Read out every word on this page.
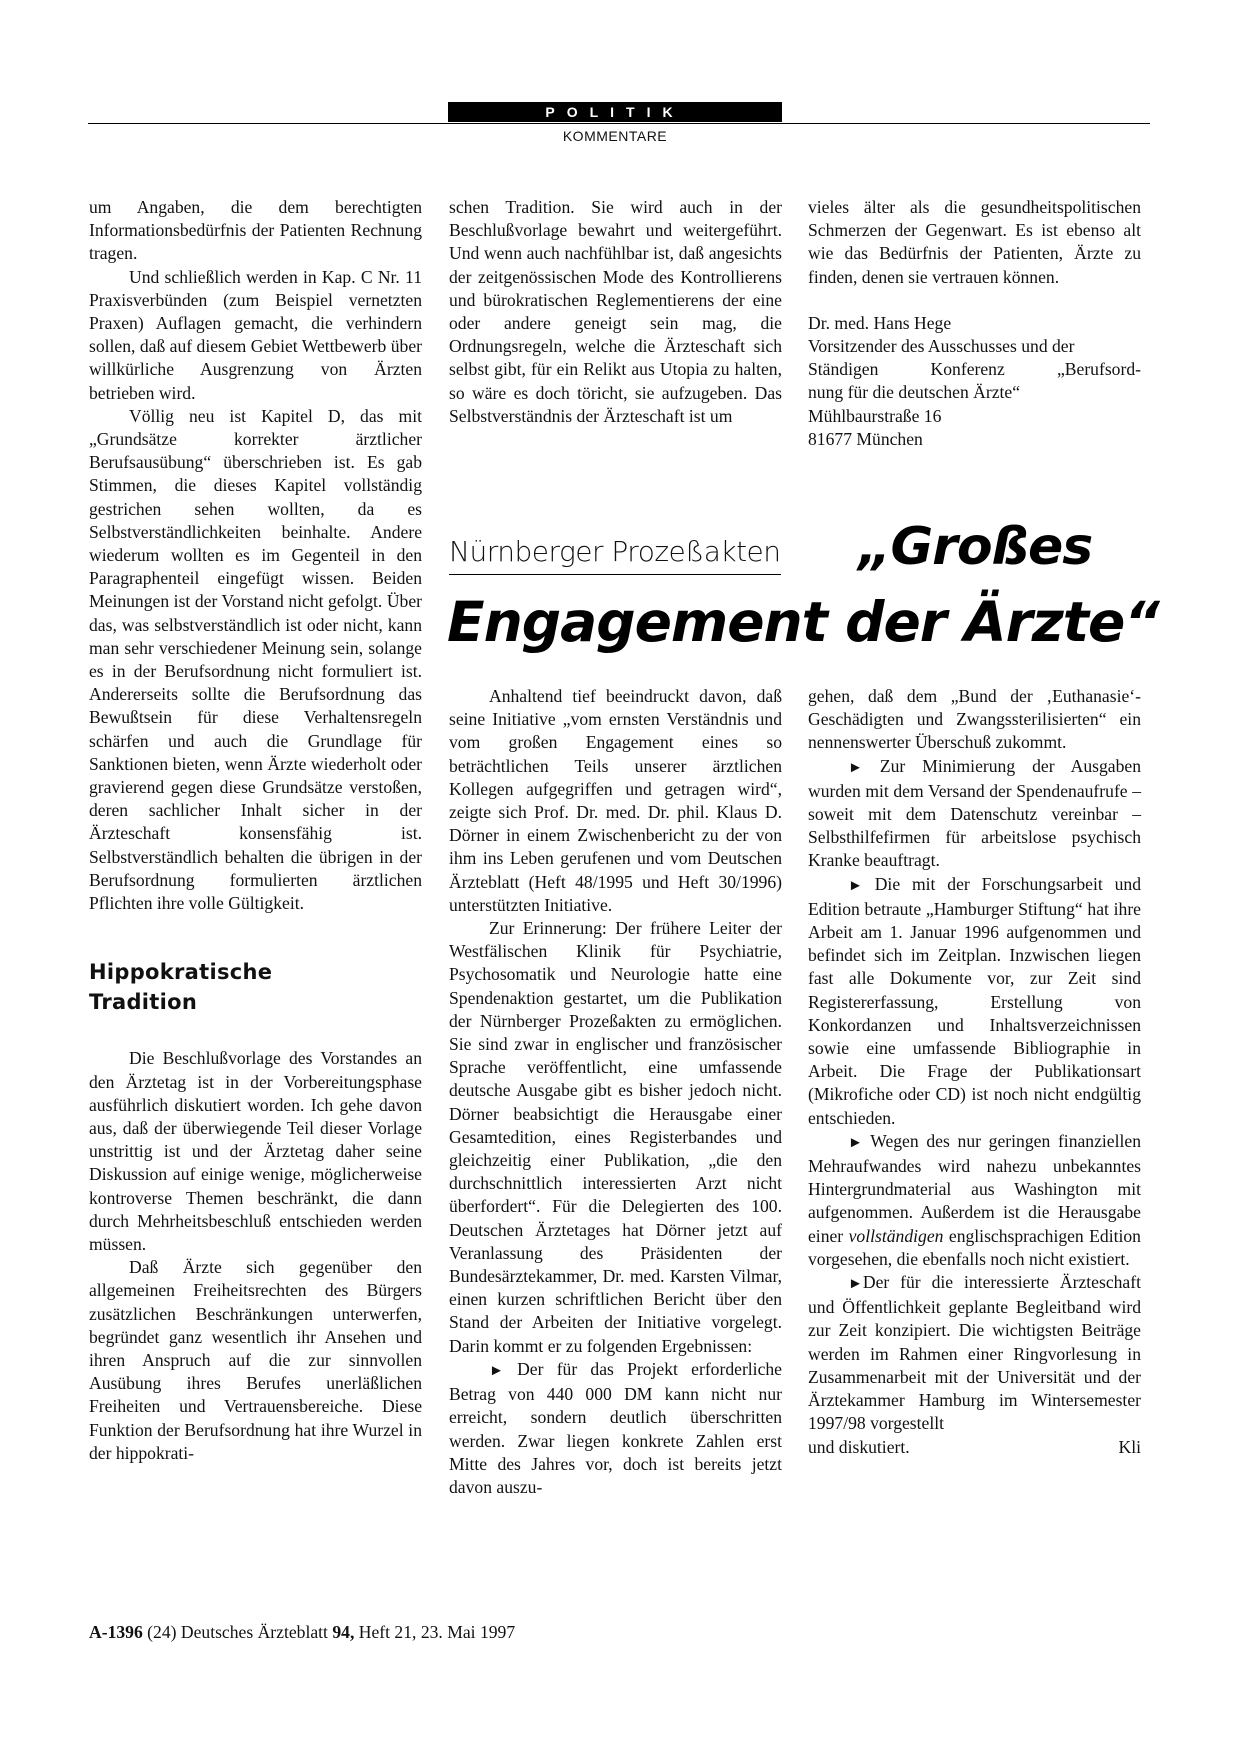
POLITIK
KOMMENTARE

um Angaben, die dem berechtigten Informationsbedürfnis der Patienten Rechnung tragen.

Und schließlich werden in Kap. C Nr. 11 Praxisverbünden (zum Beispiel vernetzten Praxen) Auflagen gemacht, die verhindern sollen, daß auf diesem Gebiet Wettbewerb über willkürliche Ausgrenzung von Ärzten betrieben wird.

Völlig neu ist Kapitel D, das mit „Grundsätze korrekter ärztlicher Berufsausübung“ überschrieben ist. Es gab Stimmen, die dieses Kapitel vollständig gestrichen sehen wollten, da es Selbstverständlichkeiten beinhalte. Andere wiederum wollten es im Gegenteil in den Paragraphenteil eingefügt wissen. Beiden Meinungen ist der Vorstand nicht gefolgt. Über das, was selbstverständlich ist oder nicht, kann man sehr verschiedener Meinung sein, solange es in der Berufsordnung nicht formuliert ist. Andererseits sollte die Berufsordnung das Bewußtsein für diese Verhaltensregeln schärfen und auch die Grundlage für Sanktionen bieten, wenn Ärzte wiederholt oder gravierend gegen diese Grundsätze verstoßen, deren sachlicher Inhalt sicher in der Ärzteschaft konsensfähig ist. Selbstverständlich behalten die übrigen in der Berufsordnung formulierten ärztlichen Pflichten ihre volle Gültigkeit.

Hippokratische
Tradition

Die Beschlußvorlage des Vorstandes an den Ärztetag ist in der Vorbereitungsphase ausführlich diskutiert worden. Ich gehe davon aus, daß der überwiegende Teil dieser Vorlage unstrittig ist und der Ärztetag daher seine Diskussion auf einige wenige, möglicherweise kontroverse Themen beschränkt, die dann durch Mehrheitsbeschluß entschieden werden müssen.

Daß Ärzte sich gegenüber den allgemeinen Freiheitsrechten des Bürgers zusätzlichen Beschränkungen unterwerfen, begründet ganz wesentlich ihr Ansehen und ihren Anspruch auf die zur sinnvollen Ausübung ihres Berufes unerläßlichen Freiheiten und Vertrauensbereiche. Diese Funktion der Berufsordnung hat ihre Wurzel in der hippokrati-

schen Tradition. Sie wird auch in der Beschlußvorlage bewahrt und weitergeführt. Und wenn auch nachfühlbar ist, daß angesichts der zeitgenössischen Mode des Kontrollierens und bürokratischen Reglementierens der eine oder andere geneigt sein mag, die Ordnungsregeln, welche die Ärzteschaft sich selbst gibt, für ein Relikt aus Utopia zu halten, so wäre es doch töricht, sie aufzugeben. Das Selbstverständnis der Ärzteschaft ist um

vieles älter als die gesundheitspolitischen Schmerzen der Gegenwart. Es ist ebenso alt wie das Bedürfnis der Patienten, Ärzte zu finden, denen sie vertrauen können.

Dr. med. Hans Hege
Vorsitzender des Ausschusses und der
Ständigen Konferenz „Berufsord-
nung für die deutschen Ärzte“
Mühlbaurstraße 16
81677 München
Nürnberger Prozeßakten „Großes
Engagement der Ärzte“

Anhaltend tief beeindruckt davon, daß seine Initiative „vom ernsten Verständnis und vom großen Engagement eines so beträchtlichen Teils unserer ärztlichen Kollegen aufgegriffen und getragen wird“, zeigte sich Prof. Dr. med. Dr. phil. Klaus D. Dörner in einem Zwischenbericht zu der von ihm ins Leben gerufenen und vom Deutschen Ärzteblatt (Heft 48/1995 und Heft 30/1996) unterstützten Initiative.

Zur Erinnerung: Der frühere Leiter der Westfälischen Klinik für Psychiatrie, Psychosomatik und Neurologie hatte eine Spendenaktion gestartet, um die Publikation der Nürnberger Prozeßakten zu ermöglichen. Sie sind zwar in englischer und französischer Sprache veröffentlicht, eine umfassende deutsche Ausgabe gibt es bisher jedoch nicht. Dörner beabsichtigt die Herausgabe einer Gesamtedition, eines Registerbandes und gleichzeitig einer Publikation, „die den durchschnittlich interessierten Arzt nicht überfordert“. Für die Delegierten des 100. Deutschen Ärztetages hat Dörner jetzt auf Veranlassung des Präsidenten der Bundesärztekammer, Dr. med. Karsten Vilmar, einen kurzen schriftlichen Bericht über den Stand der Arbeiten der Initiative vorgelegt. Darin kommt er zu folgenden Ergebnissen:

► Der für das Projekt erforderliche Betrag von 440 000 DM kann nicht nur erreicht, sondern deutlich überschritten werden. Zwar liegen konkrete Zahlen erst Mitte des Jahres vor, doch ist bereits jetzt davon auszu-

gehen, daß dem „Bund der ‚Euthanasie‘-Geschädigten und Zwangssterilisierten“ ein nennenswerter Überschuß zukommt.

► Zur Minimierung der Ausgaben wurden mit dem Versand der Spendenaufrufe – soweit mit dem Datenschutz vereinbar – Selbsthilfefirmen für arbeitslose psychisch Kranke beauftragt.

► Die mit der Forschungsarbeit und Edition betraute „Hamburger Stiftung“ hat ihre Arbeit am 1. Januar 1996 aufgenommen und befindet sich im Zeitplan. Inzwischen liegen fast alle Dokumente vor, zur Zeit sind Registererfassung, Erstellung von Konkordanzen und Inhaltsverzeichnissen sowie eine umfassende Bibliographie in Arbeit. Die Frage der Publikationsart (Mikrofiche oder CD) ist noch nicht endgültig entschieden.

► Wegen des nur geringen finanziellen Mehraufwandes wird nahezu unbekanntes Hintergrundmaterial aus Washington mit aufgenommen. Außerdem ist die Herausgabe einer vollständigen englischsprachigen Edition vorgesehen, die ebenfalls noch nicht existiert.

►Der für die interessierte Ärzteschaft und Öffentlichkeit geplante Begleitband wird zur Zeit konzipiert. Die wichtigsten Beiträge werden im Rahmen einer Ringvorlesung in Zusammenarbeit mit der Universität und der Ärztekammer Hamburg im Wintersemester 1997/98 vorgestellt

und diskutiert.	Kli
A-1396 (24) Deutsches Ärzteblatt 94, Heft 21, 23. Mai 1997
